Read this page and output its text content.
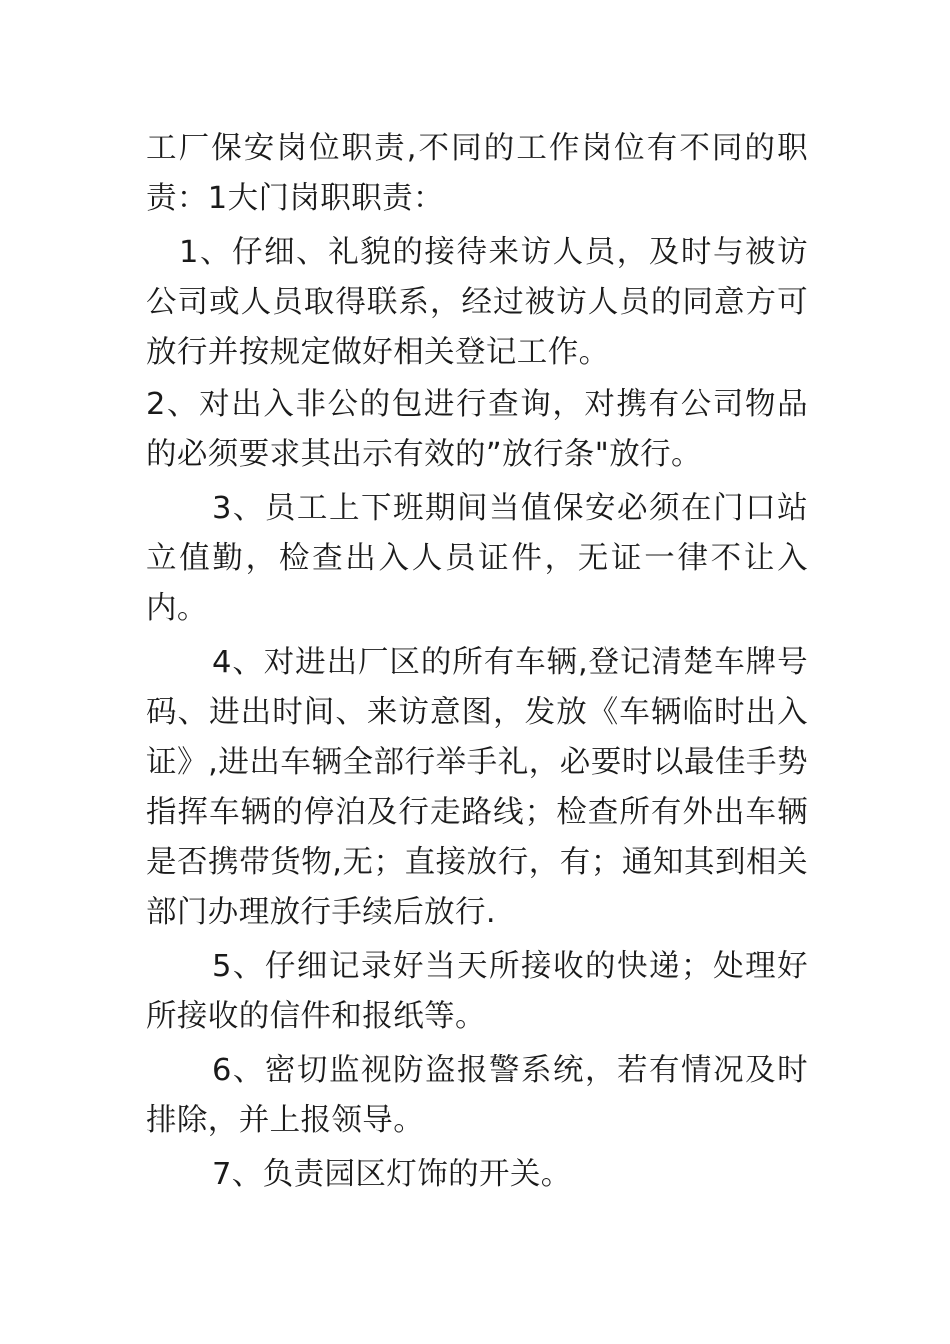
工厂保安岗位职责,不同的工作岗位有不同的职责：1大门岗职职责：

1、仔细、礼貌的接待来访人员，及时与被访公司或人员取得联系，经过被访人员的同意方可放行并按规定做好相关登记工作。

2、对出入非公的包进行查询，对携有公司物品的必须要求其出示有效的”放行条"放行。

3、员工上下班期间当值保安必须在门口站立值勤，检查出入人员证件，无证一律不让入内。

4、对进出厂区的所有车辆,登记清楚车牌号码、进出时间、来访意图，发放《车辆临时出入证》,进出车辆全部行举手礼，必要时以最佳手势指挥车辆的停泊及行走路线；检查所有外出车辆是否携带货物,无；直接放行，有；通知其到相关部门办理放行手续后放行.

5、仔细记录好当天所接收的快递；处理好所接收的信件和报纸等。

6、密切监视防盗报警系统，若有情况及时排除，并上报领导。

7、负责园区灯饰的开关。
